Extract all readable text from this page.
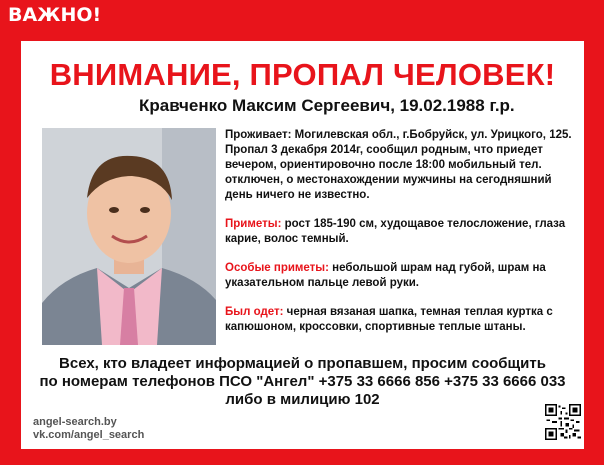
ВАЖНО!
ВНИМАНИЕ, ПРОПАЛ ЧЕЛОВЕК!
Кравченко Максим Сергеевич, 19.02.1988 г.р.

Проживает: Могилевская обл., г.Бобруйск, ул. Урицкого, 125.
Пропал 3 декабря 2014г, сообщил родным, что приедет вечером, ориентировочно после 18:00 мобильный тел. отключен, о местонахождении мужчины на сегодняшний день ничего не известно.

Приметы: рост 185-190 см, худощавое телосложение, глаза карие, волос темный.

Особые приметы: небольшой шрам над губой, шрам на указательном пальце левой руки.

Был одет: черная вязаная шапка, темная теплая куртка с капюшоном, кроссовки, спортивные теплые штаны.

Всех, кто владеет информацией о пропавшем, просим сообщить
по номерам телефонов ПСО "Ангел" +375 33 6666 856 +375 33 6666 033
либо в милицию 102
angel-search.by
vk.com/angel_search
